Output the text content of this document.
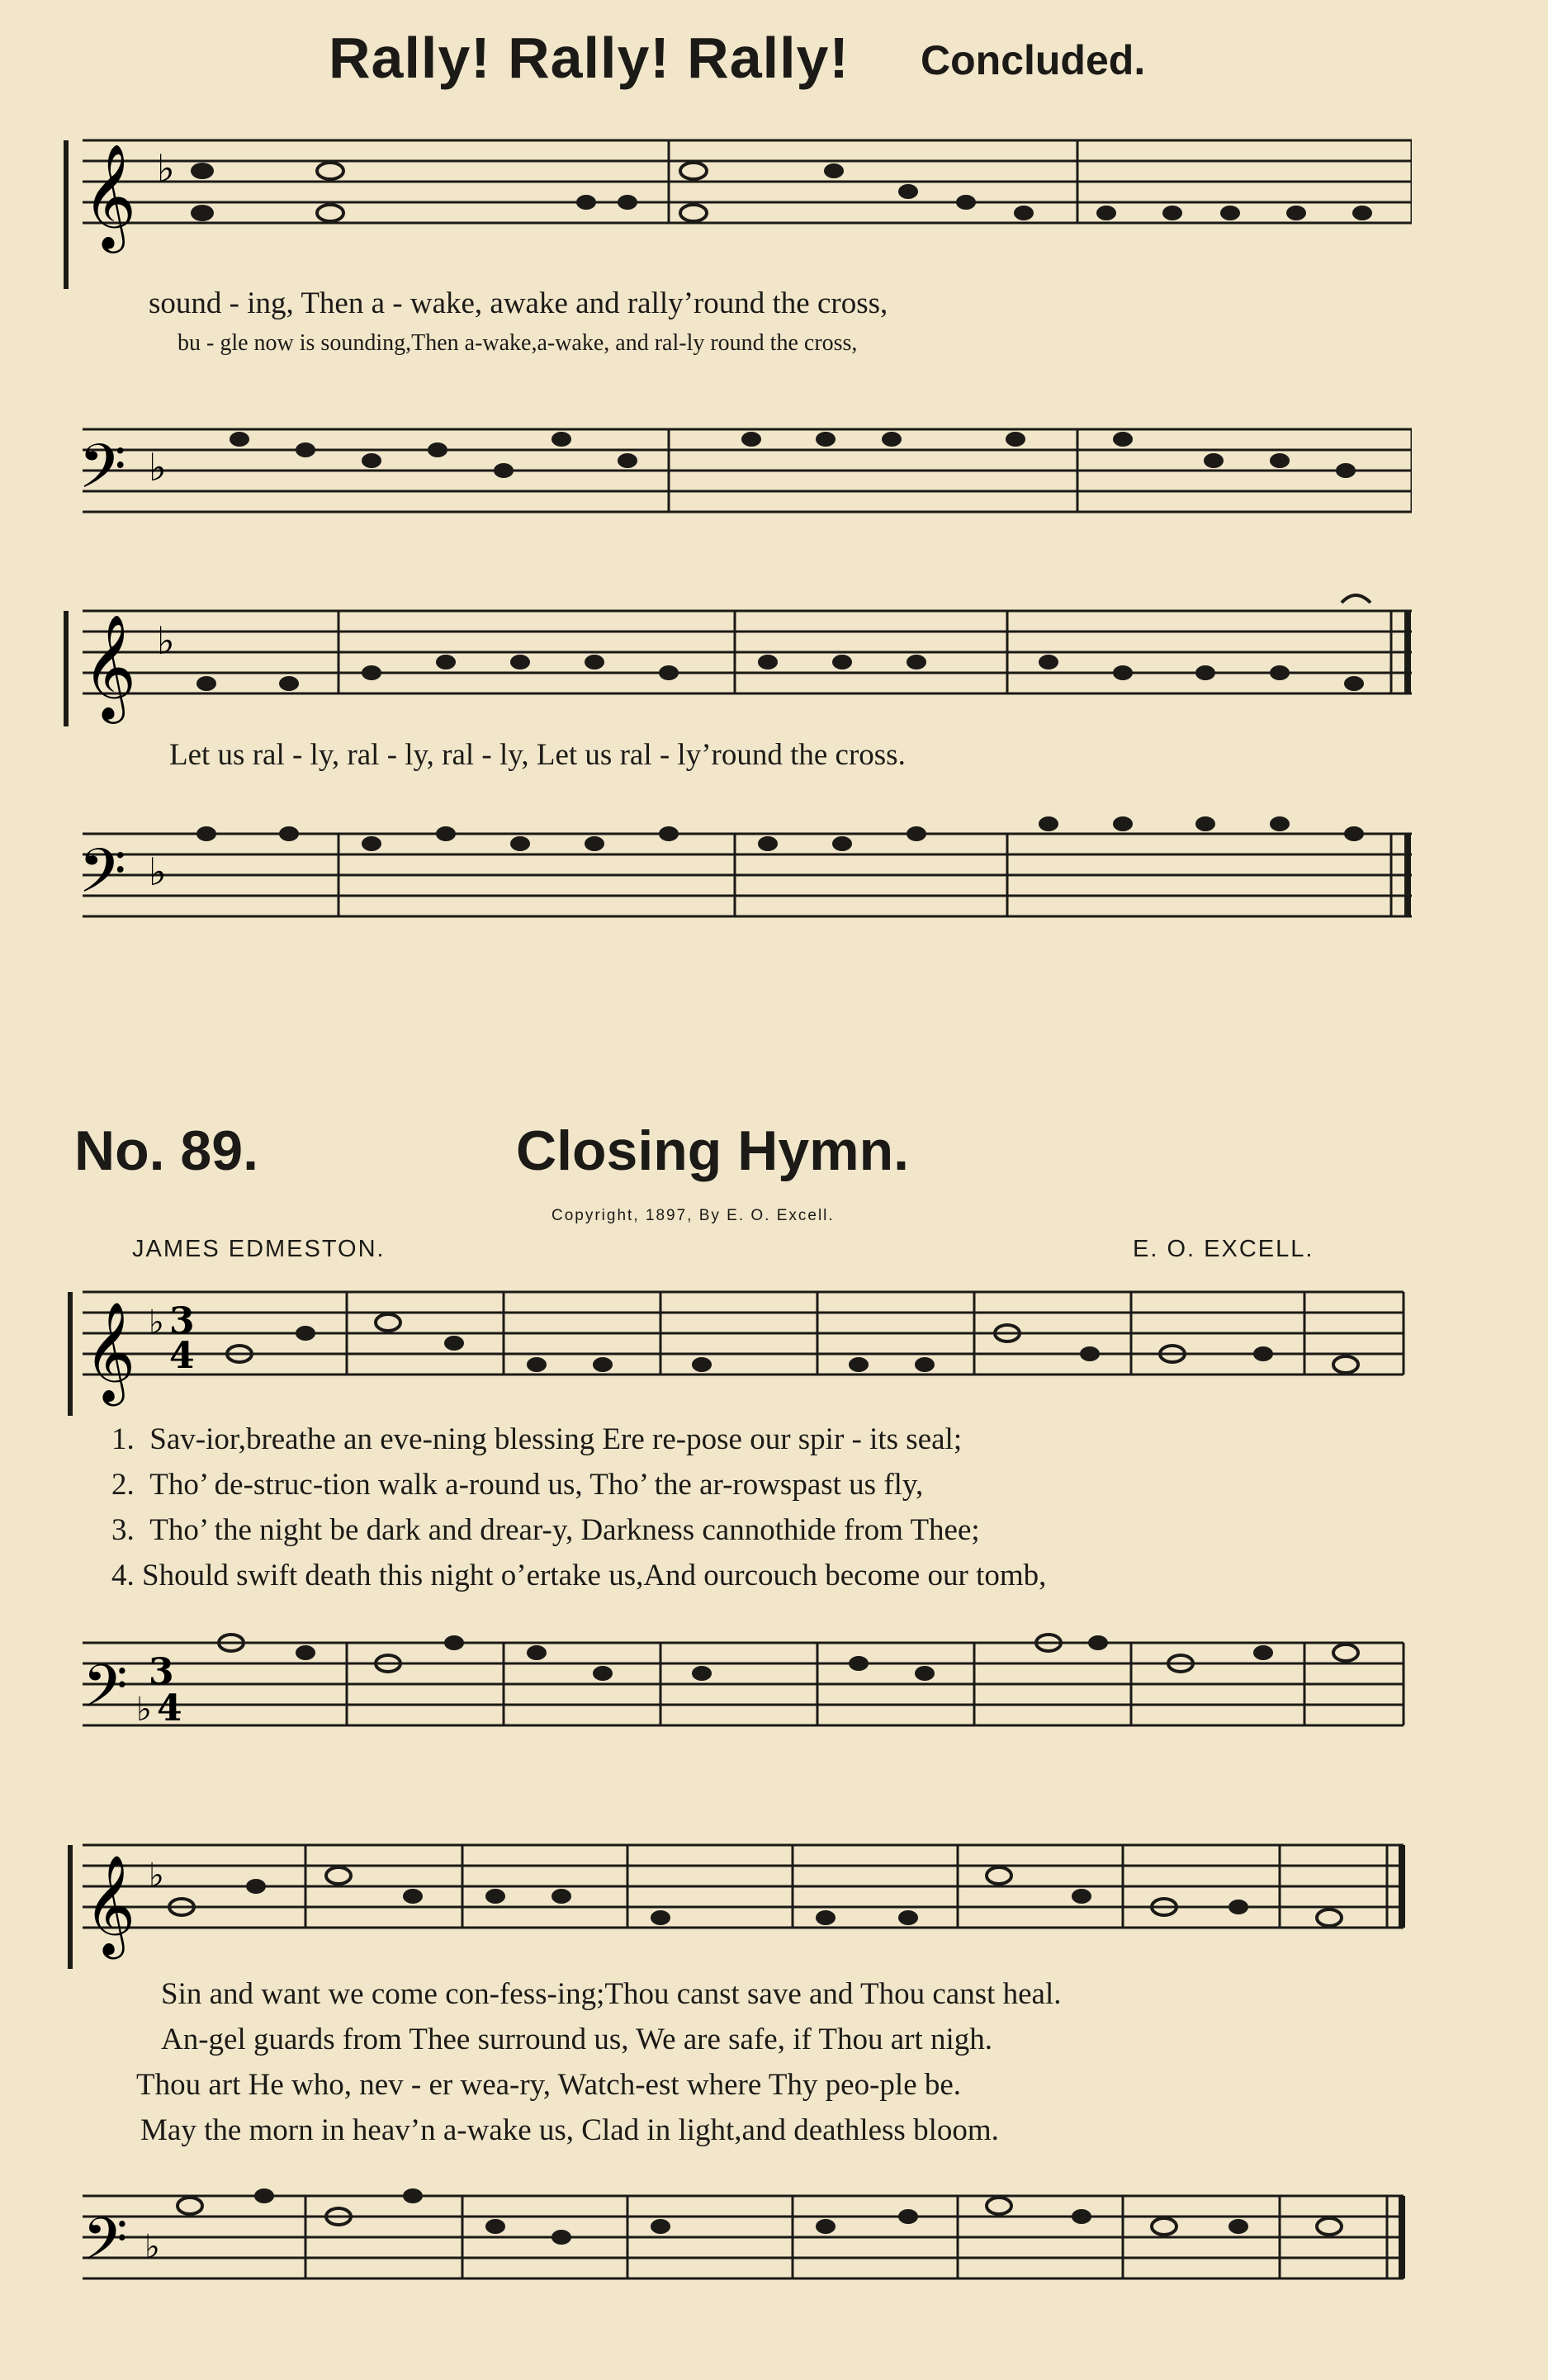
Rally! Rally! Rally! Concluded.
𝄞 ♭
sound - ing, Then a - wake, awake and rally’round the cross,
bu - gle now is sounding,Then a-wake,a-wake, and ral-ly round the cross,
𝄢 ♭
𝄞 ♭
Let us ral - ly, ral - ly, ral - ly, Let us ral - ly’round the cross.
𝄢 ♭
No. 89.	Closing Hymn.
Copyright, 1897, By E. O. Excell.
JAMES EDMESTON.	E. O. EXCELL.
𝄞 ♭ 3
4
1. Sav-ior,breathe an eve-ning blessing Ere re-pose our spir - its seal;
2. Tho’ de-struc-tion walk a-round us, Tho’ the ar-rowspast us fly,
3. Tho’ the night be dark and drear-y, Darkness cannothide from Thee;
4. Should swift death this night o’ertake us,And ourcouch become our tomb,
𝄢 3
♭ 4
𝄞 ♭
Sin and want we come con-fess-ing;Thou canst save and Thou canst heal.
An-gel guards from Thee surround us, We are safe, if Thou art nigh.
Thou art He who, nev - er wea-ry, Watch-est where Thy peo-ple be.
May the morn in heav’n a-wake us, Clad in light,and deathless bloom.
𝄢 ♭
